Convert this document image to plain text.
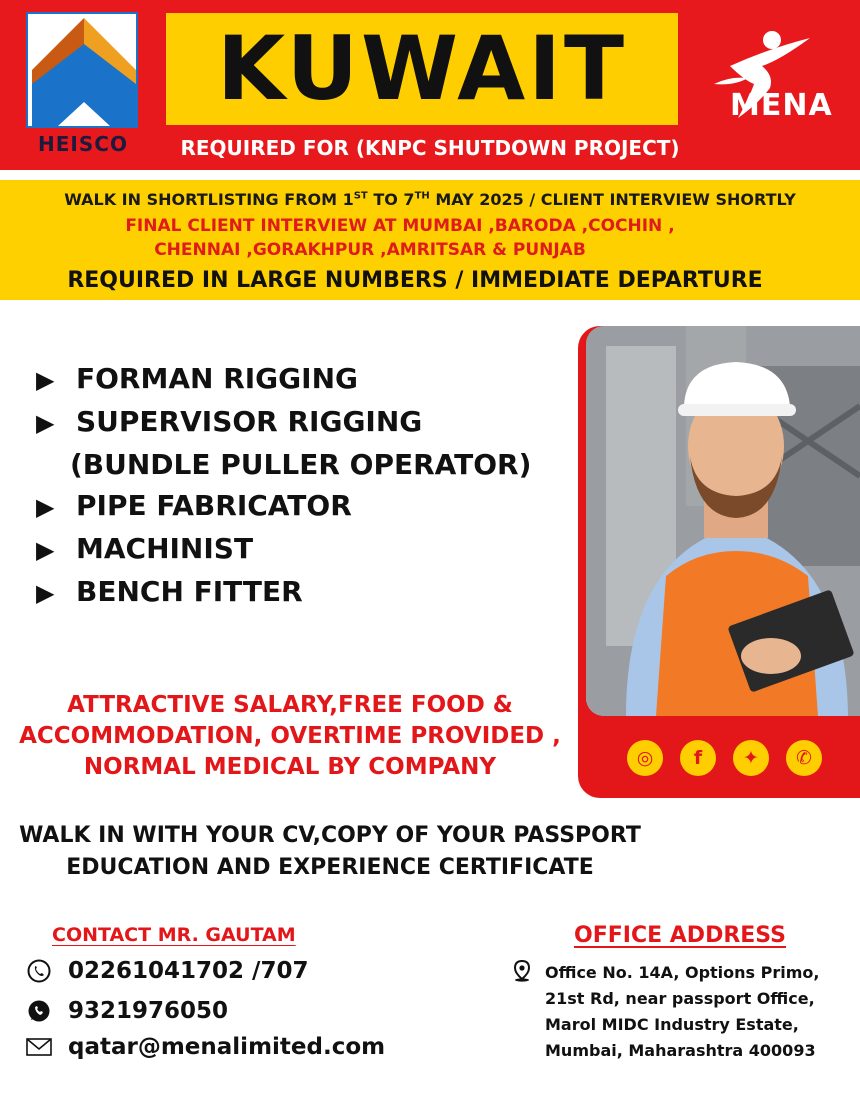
HEISCO
KUWAIT
REQUIRED FOR (KNPC SHUTDOWN PROJECT)
MENA
WALK IN SHORTLISTING FROM 1ST TO 7TH MAY 2025 / CLIENT INTERVIEW SHORTLY
FINAL CLIENT INTERVIEW AT MUMBAI ,BARODA ,COCHIN ,
CHENNAI ,GORAKHPUR ,AMRITSAR & PUNJAB
REQUIRED IN LARGE NUMBERS / IMMEDIATE DEPARTURE
▶ FORMAN RIGGING
▶ SUPERVISOR RIGGING
(BUNDLE PULLER OPERATOR)
▶ PIPE FABRICATOR
▶ MACHINIST
▶ BENCH FITTER
◎	f	✦	✆
ATTRACTIVE SALARY,FREE FOOD &
ACCOMMODATION, OVERTIME PROVIDED ,
NORMAL MEDICAL BY COMPANY
WALK IN WITH YOUR CV,COPY OF YOUR PASSPORT
EDUCATION AND EXPERIENCE CERTIFICATE
CONTACT MR. GAUTAM
02261041702 /707
9321976050
qatar@menalimited.com
OFFICE ADDRESS
Office No. 14A, Options Primo,
21st Rd, near passport Office,
Marol MIDC Industry Estate,
Mumbai, Maharashtra 400093
